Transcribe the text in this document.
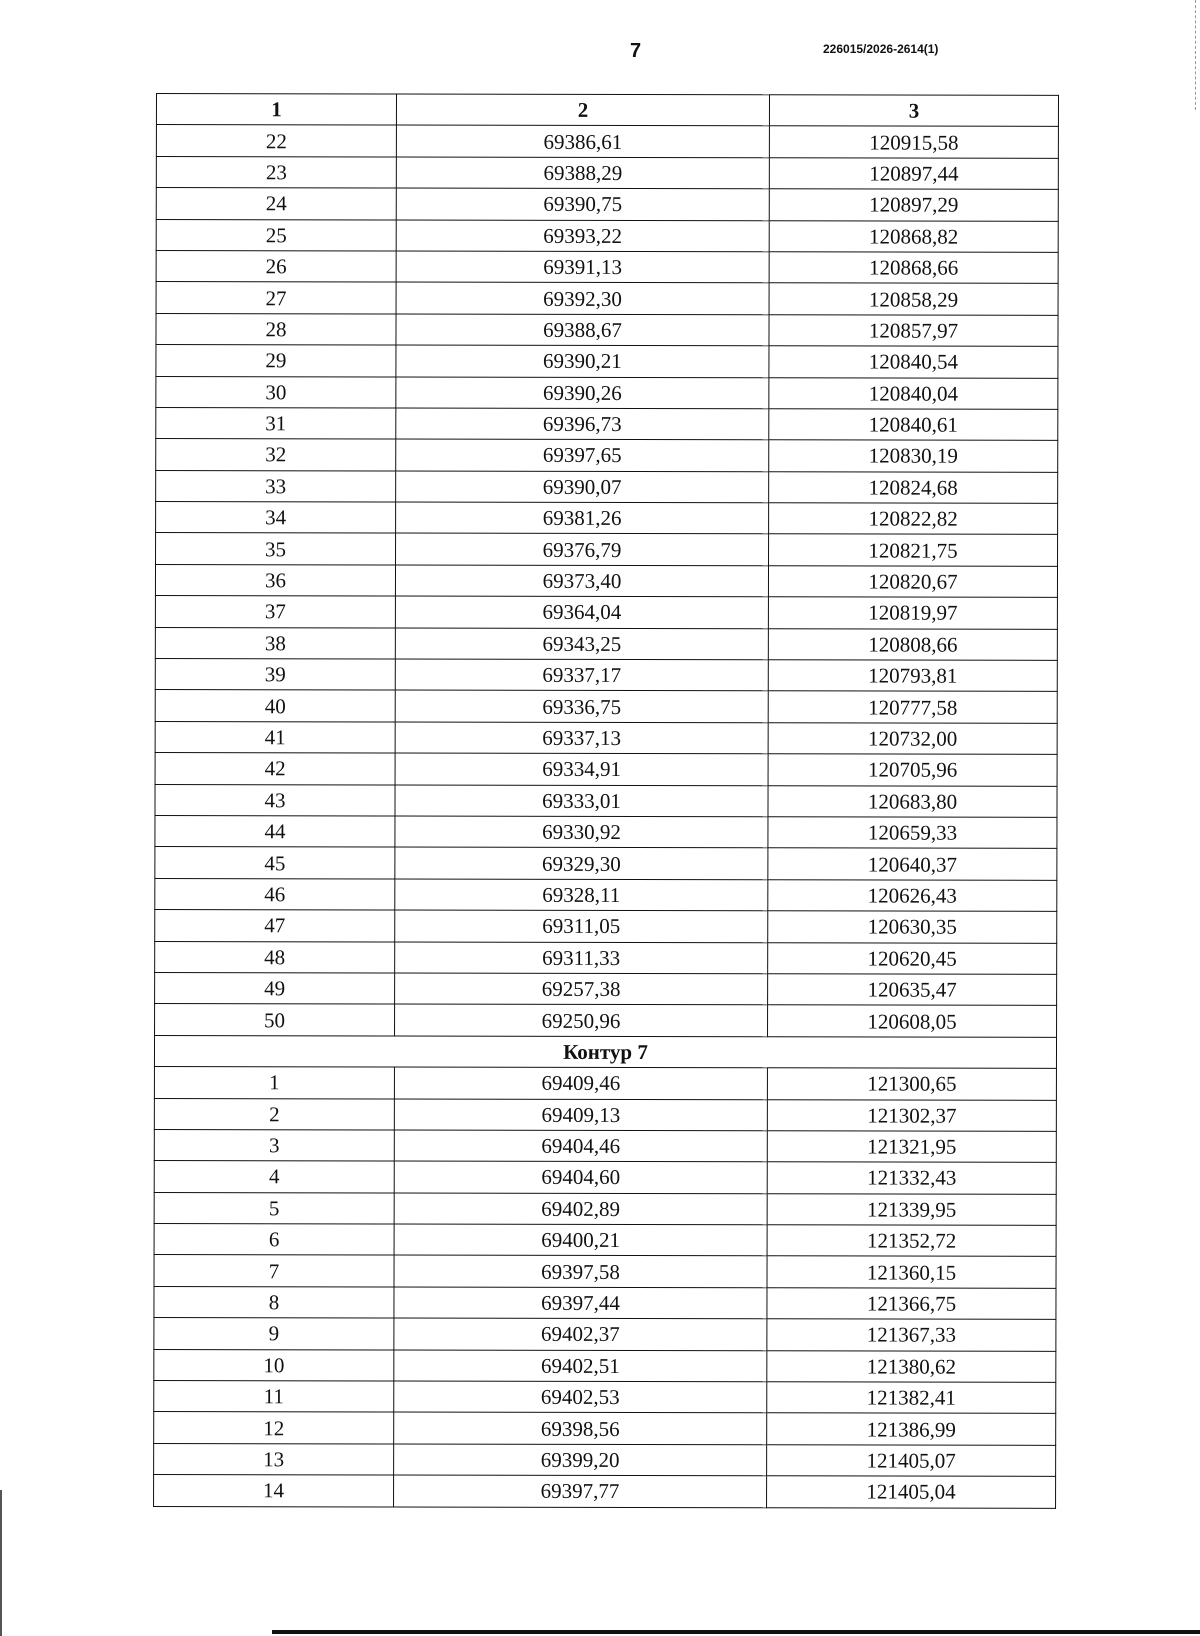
7	226015/2026-2614(1)
1	2	3
22	69386,61	120915,58
23	69388,29	120897,44
24	69390,75	120897,29
25	69393,22	120868,82
26	69391,13	120868,66
27	69392,30	120858,29
28	69388,67	120857,97
29	69390,21	120840,54
30	69390,26	120840,04
31	69396,73	120840,61
32	69397,65	120830,19
33	69390,07	120824,68
34	69381,26	120822,82
35	69376,79	120821,75
36	69373,40	120820,67
37	69364,04	120819,97
38	69343,25	120808,66
39	69337,17	120793,81
40	69336,75	120777,58
41	69337,13	120732,00
42	69334,91	120705,96
43	69333,01	120683,80
44	69330,92	120659,33
45	69329,30	120640,37
46	69328,11	120626,43
47	69311,05	120630,35
48	69311,33	120620,45
49	69257,38	120635,47
50	69250,96	120608,05
Контур 7		
1	69409,46	121300,65
2	69409,13	121302,37
3	69404,46	121321,95
4	69404,60	121332,43
5	69402,89	121339,95
6	69400,21	121352,72
7	69397,58	121360,15
8	69397,44	121366,75
9	69402,37	121367,33
10	69402,51	121380,62
11	69402,53	121382,41
12	69398,56	121386,99
13	69399,20	121405,07
14	69397,77	121405,04
